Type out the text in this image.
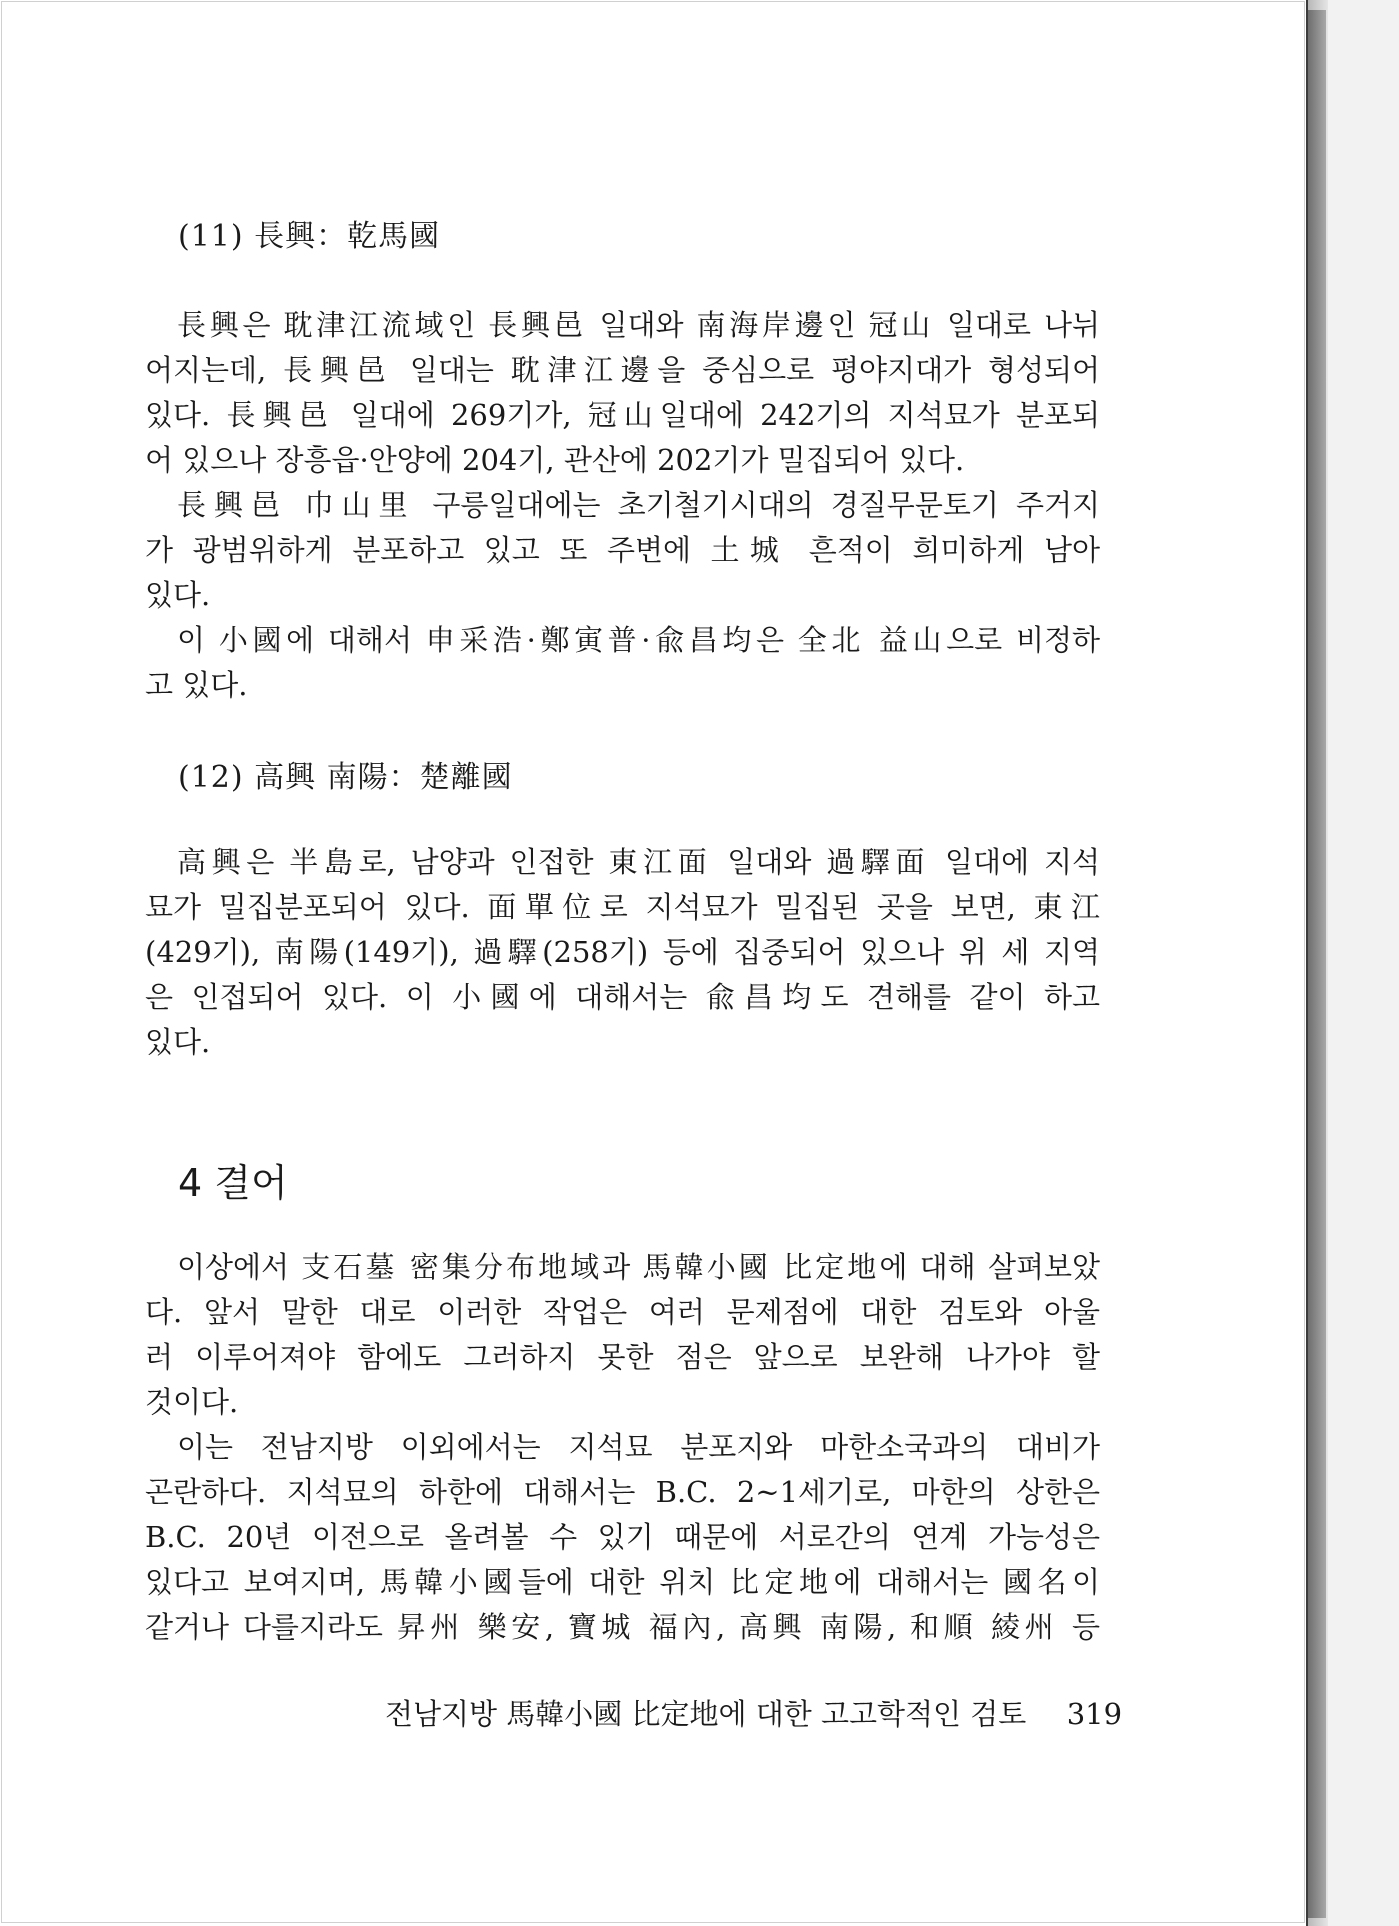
(11) 長興：乾馬國
長興은 耽津江流域인 長興邑 일대와 南海岸邊인 冠山 일대로 나뉘
어지는데, 長興邑 일대는 耽津江邊을 중심으로 평야지대가 형성되어
있다. 長興邑 일대에 269기가, 冠山일대에 242기의 지석묘가 분포되
어 있으나 장흥읍·안양에 204기, 관산에 202기가 밀집되어 있다.
長興邑 巾山里 구릉일대에는 초기철기시대의 경질무문토기 주거지
가 광범위하게 분포하고 있고 또 주변에 土城 흔적이 희미하게 남아
있다.
이 小國에 대해서 申采浩·鄭寅普·兪昌均은 全北 益山으로 비정하
고 있다.
(12) 高興 南陽：楚離國
高興은 半島로, 남양과 인접한 東江面 일대와 過驛面 일대에 지석
묘가 밀집분포되어 있다. 面單位로 지석묘가 밀집된 곳을 보면, 東江
(429기), 南陽(149기), 過驛(258기) 등에 집중되어 있으나 위 세 지역
은 인접되어 있다. 이 小國에 대해서는 兪昌均도 견해를 같이 하고
있다.
4 결어
이상에서 支石墓 密集分布地域과 馬韓小國 比定地에 대해 살펴보았
다. 앞서 말한 대로 이러한 작업은 여러 문제점에 대한 검토와 아울
러 이루어져야 함에도 그러하지 못한 점은 앞으로 보완해 나가야 할
것이다.
이는 전남지방 이외에서는 지석묘 분포지와 마한소국과의 대비가
곤란하다. 지석묘의 하한에 대해서는 B.C. 2~1세기로, 마한의 상한은
B.C. 20년 이전으로 올려볼 수 있기 때문에 서로간의 연계 가능성은
있다고 보여지며, 馬韓小國들에 대한 위치 比定地에 대해서는 國名이
같거나 다를지라도 昇州 樂安, 寶城 福內, 高興 南陽, 和順 綾州 등
전남지방 馬韓小國 比定地에 대한 고고학적인 검토 319
